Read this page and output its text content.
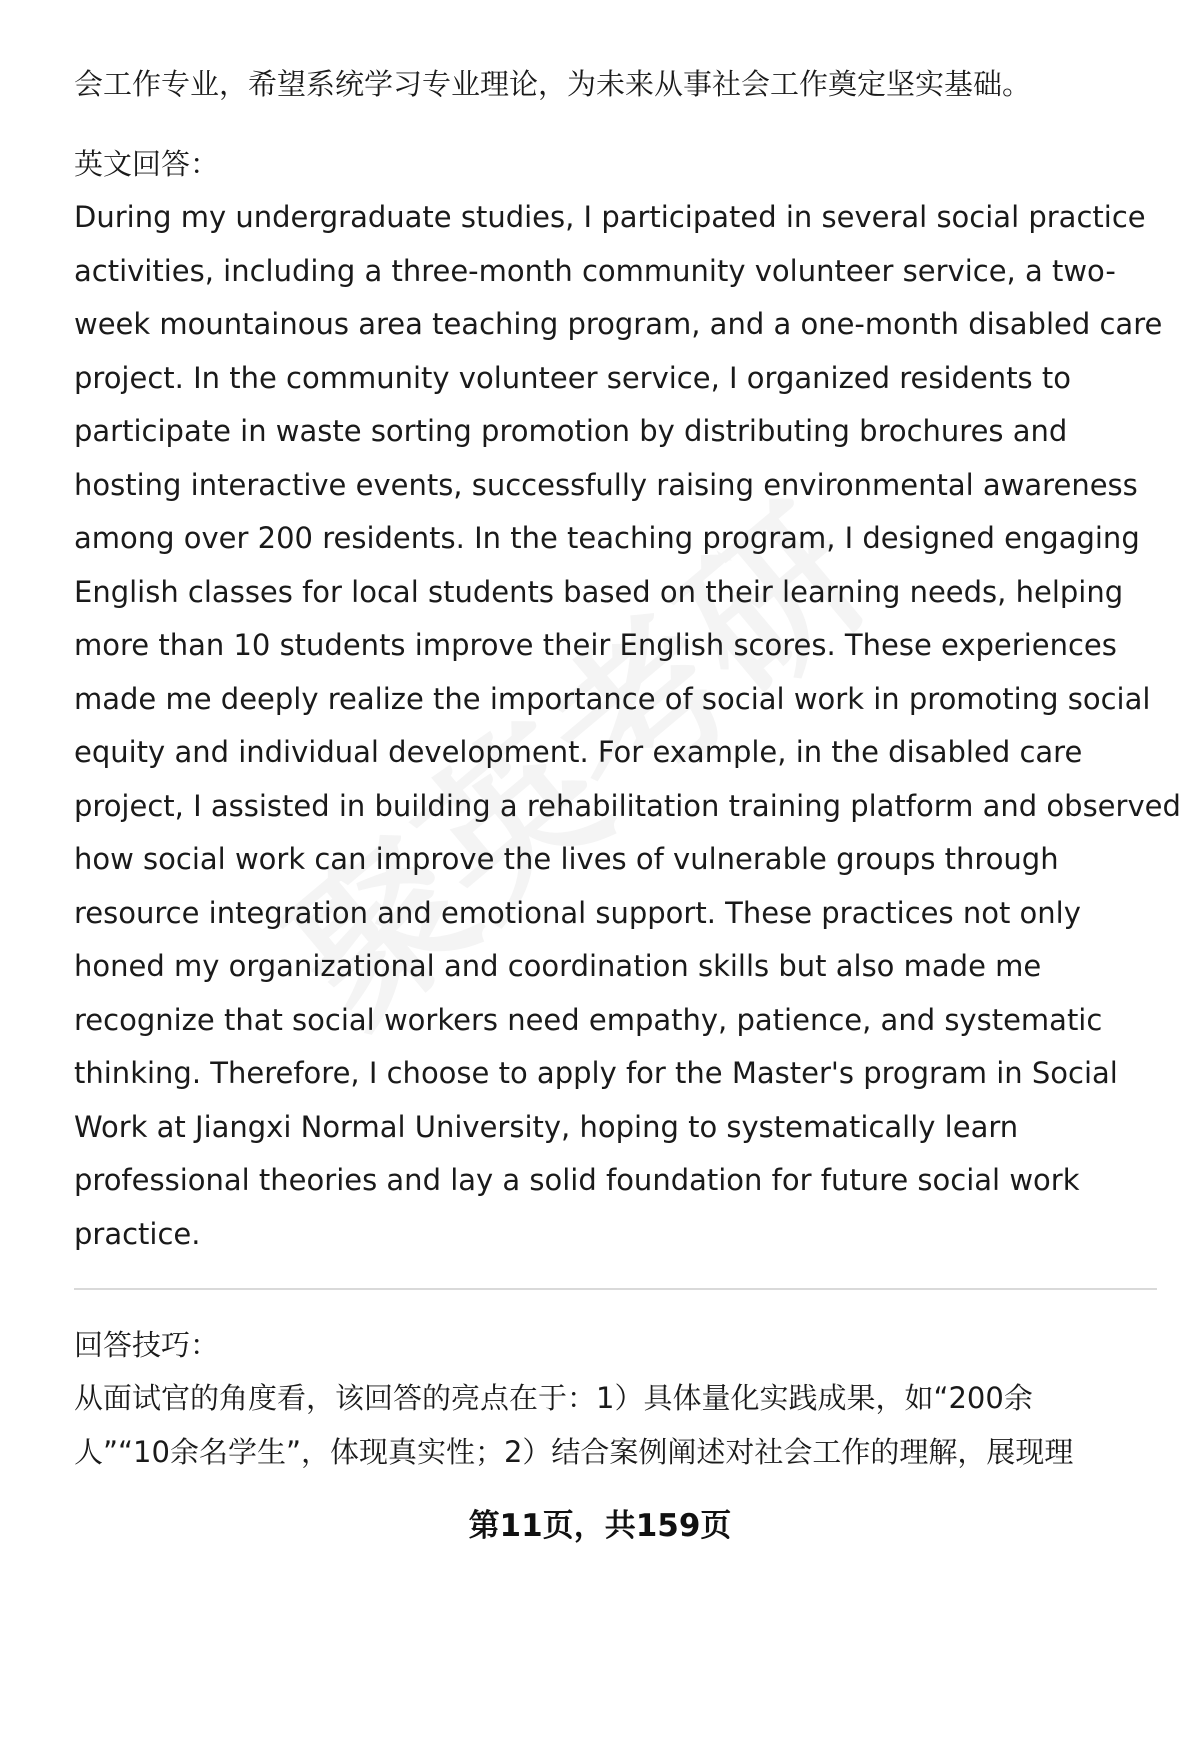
会工作专业，希望系统学习专业理论，为未来从事社会工作奠定坚实基础。
英文回答：
During my undergraduate studies, I participated in several social practice
activities, including a three-month community volunteer service, a two-
week mountainous area teaching program, and a one-month disabled care
project. In the community volunteer service, I organized residents to
participate in waste sorting promotion by distributing brochures and
hosting interactive events, successfully raising environmental awareness
among over 200 residents. In the teaching program, I designed engaging
English classes for local students based on their learning needs, helping
more than 10 students improve their English scores. These experiences
made me deeply realize the importance of social work in promoting social
equity and individual development. For example, in the disabled care
project, I assisted in building a rehabilitation training platform and observed
how social work can improve the lives of vulnerable groups through
resource integration and emotional support. These practices not only
honed my organizational and coordination skills but also made me
recognize that social workers need empathy, patience, and systematic
thinking. Therefore, I choose to apply for the Master's program in Social
Work at Jiangxi Normal University, hoping to systematically learn
professional theories and lay a solid foundation for future social work
practice.
回答技巧：
从面试官的角度看，该回答的亮点在于：1）具体量化实践成果，如“200余
人”“10余名学生”，体现真实性；2）结合案例阐述对社会工作的理解，展现理
第11页，共159页
